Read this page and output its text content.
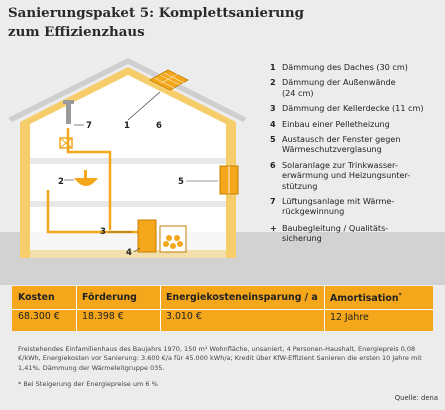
Sanierungspaket 5: Komplettsanierung zum Effizienzhaus
1
2
3
4
5
6
7
1 Dämmung des Daches (30 cm)
2 Dämmung der Außenwände
(24 cm)
3 Dämmung der Kellerdecke (11 cm)
4 Einbau einer Pelletheizung
5 Austausch der Fenster gegen
Wärmeschutzverglasung
6 Solaranlage zur Trinkwasser-
erwärmung und Heizungsunter-
stützung
7 Lüftungsanlage mit Wärme-
rückgewinnung
+ Baubegleitung / Qualitäts-
sicherung
Kosten
68.300 €
Förderung
18.398 €
Energiekosteneinsparung / a
3.010 €
Amortisation*
12 Jahre
Freistehendes Einfamilienhaus des Baujahrs 1970, 150 m² Wohnfläche, unsaniert, 4 Personen-Haushalt, Energiepreis 0,08 €/kWh, Energiekosten vor Sanierung: 3.600 €/a für 45.000 kWh/a; Kredit über KfW-Effizient Sanieren die ersten 10 Jahre mit 1,41%. Dämmung der Wärmeleitgruppe 035.
* Bei Steigerung der Energiepreise um 6 %
Quelle: dena
